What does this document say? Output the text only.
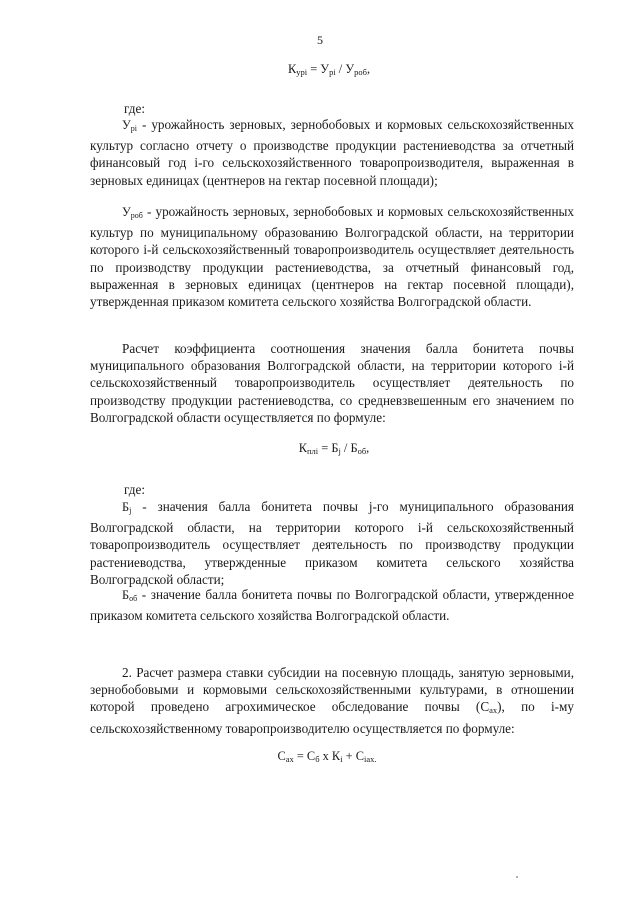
5
$К_{урі} = У_{рі} / У_{роб}$,
где:
$У_{рі}$ - урожайность зерновых, зернобобовых и кормовых сельскохозяйственных культур согласно отчету о производстве продукции растениеводства за отчетный финансовый год і-го сельскохозяйственного товаропроизводителя, выраженная в зерновых единицах (центнеров на гектар посевной площади);
$У_{роб}$ - урожайность зерновых, зернобобовых и кормовых сельскохозяйственных культур по муниципальному образованию Волгоградской области, на территории которого і-й сельскохозяйственный товаропроизводитель осуществляет деятельность по производству продукции растениеводства, за отчетный финансовый год, выраженная в зерновых единицах (центнеров на гектар посевной площади), утвержденная приказом комитета сельского хозяйства Волгоградской области.
Расчет коэффициента соотношения значения балла бонитета почвы муниципального образования Волгоградской области, на территории которого і-й сельскохозяйственный товаропроизводитель осуществляет деятельность по производству продукции растениеводства, со средневзвешенным его значением по Волгоградской области осуществляется по формуле:
$К_{плі} = Б_j / Б_{об}$,
где:
$Б_j$ - значения балла бонитета почвы j-го муниципального образования Волгоградской области, на территории которого і-й сельскохозяйственный товаропроизводитель осуществляет деятельность по производству продукции растениеводства, утвержденные приказом комитета сельского хозяйства Волгоградской области;
$Б_{об}$ - значение балла бонитета почвы по Волгоградской области, утвержденное приказом комитета сельского хозяйства Волгоградской области.
2. Расчет размера ставки субсидии на посевную площадь, занятую зерновыми, зернобобовыми и кормовыми сельскохозяйственными культурами, в отношении которой проведено агрохимическое обследование почвы $(С_{ах})$, по і-му сельскохозяйственному товаропроизводителю осуществляется по формуле:
$С_{ах} = С_б$ х $К_і + С_{іах.}$
